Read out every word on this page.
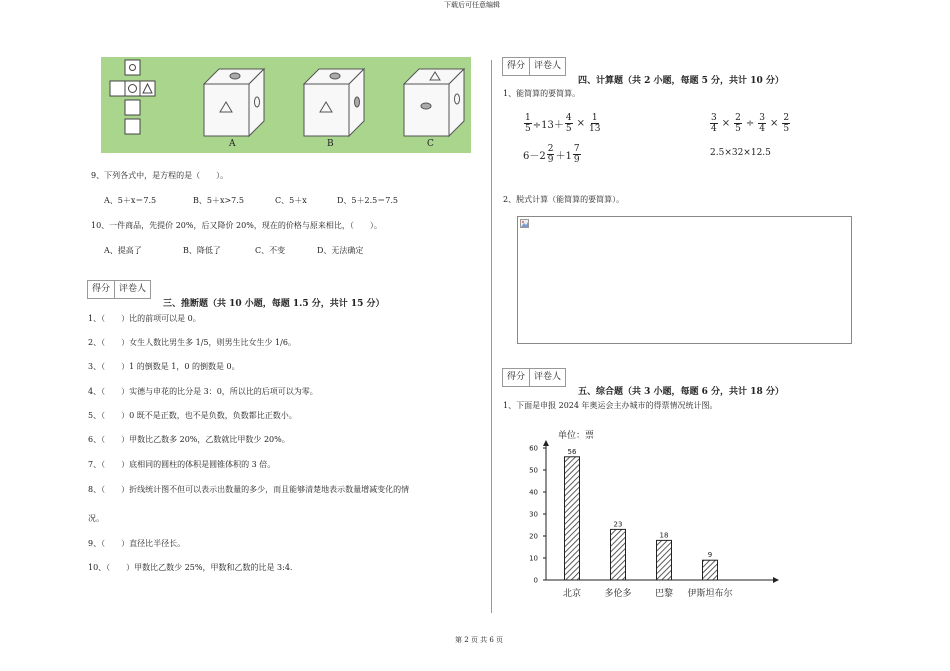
下载后可任意编辑
A	B	C
9、下列各式中，是方程的是（　　）。
A、5＋x＝7.5	B、5＋x>7.5	C、5＋x	D、5＋2.5＝7.5
10、一件商品，先提价 20%，后又降价 20%，现在的价格与原来相比，（　　）。
A、提高了	B、降低了	C、不变	D、无法确定
得分	评卷人
三、推断题（共 10 小题，每题 1.5 分，共计 15 分）
1、（　　）比的前项可以是 0。
2、（　　）女生人数比男生多 1/5，则男生比女生少 1/6。
3、（　　）1 的倒数是 1，0 的倒数是 0。
4、（　　）实德与申花的比分是 3：0，所以比的后项可以为零。
5、（　　）0 既不是正数，也不是负数，负数都比正数小。
6、（　　）甲数比乙数多 20%，乙数就比甲数少 20%。
7、（　　）底相同的圆柱的体积是圆锥体积的 3 倍。
8、（　　）折线统计图不但可以表示出数量的多少，而且能够清楚地表示数量增减变化的情
况。
9、（　　）直径比半径长。
10、（　　）甲数比乙数少 25%，甲数和乙数的比是 3:4.
得分	评卷人
四、计算题（共 2 小题，每题 5 分，共计 10 分）
1、能简算的要简算。
$\frac{1}{5} \div 13+ \frac{4}{5} \times \frac{1}{13}$
$6-2 \frac{2}{9} +1 \frac{7}{9}$
$\frac{3}{4} \times \frac{2}{5} \div \frac{3}{4} \times \frac{2}{5}$
2.5×32×12.5
2、脱式计算（能简算的要简算）。
得分	评卷人
五、综合题（共 3 小题，每题 6 分，共计 18 分）
1、下面是申报 2024 年奥运会主办城市的得票情况统计图。
单位：票
0
10
20
30
40
50
60	56
北京
23
多伦多
18
巴黎
9
伊斯坦布尔
第 2 页 共 6 页
